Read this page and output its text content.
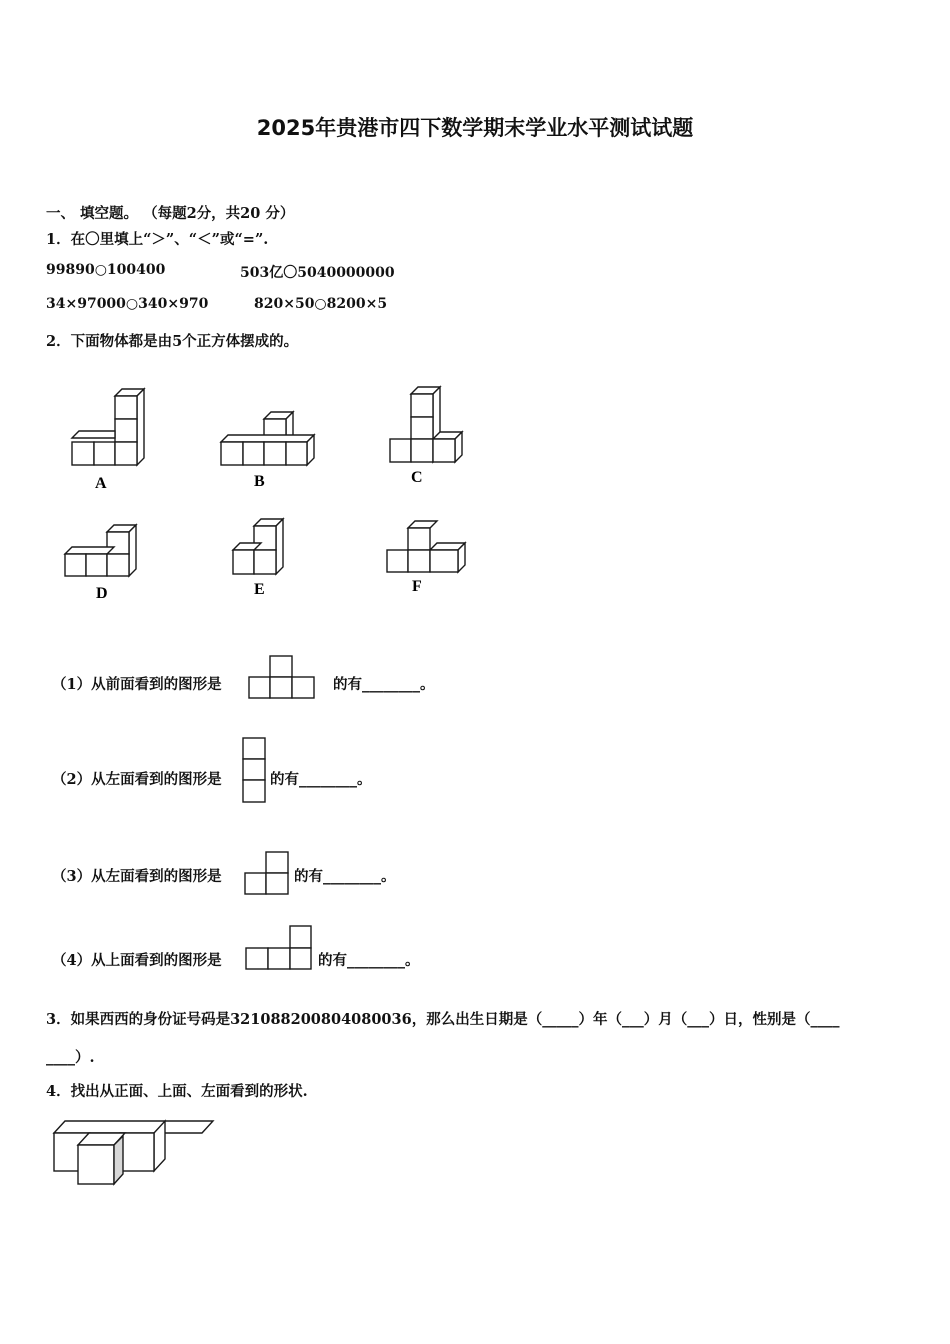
2025年贵港市四下数学期末学业水平测试试题
一、 填空题。 （每题2分，共20 分）
1．在〇里填上“＞”、“＜”或“=”.
99890○100400	503亿〇5040000000
34×97000○340×970	820×50○8200×5
2．下面物体都是由5个正方体摆成的。
A	B	C
D	E	F
（1）从前面看到的图形是	的有________。
（2）从左面看到的图形是	的有________。
（3）从左面看到的图形是	的有________。
（4）从上面看到的图形是	的有________。
3．如果西西的身份证号码是321088200804080036，那么出生日期是（_____）年（___）月（___）日，性别是（____
____）.
4．找出从正面、上面、左面看到的形状.
